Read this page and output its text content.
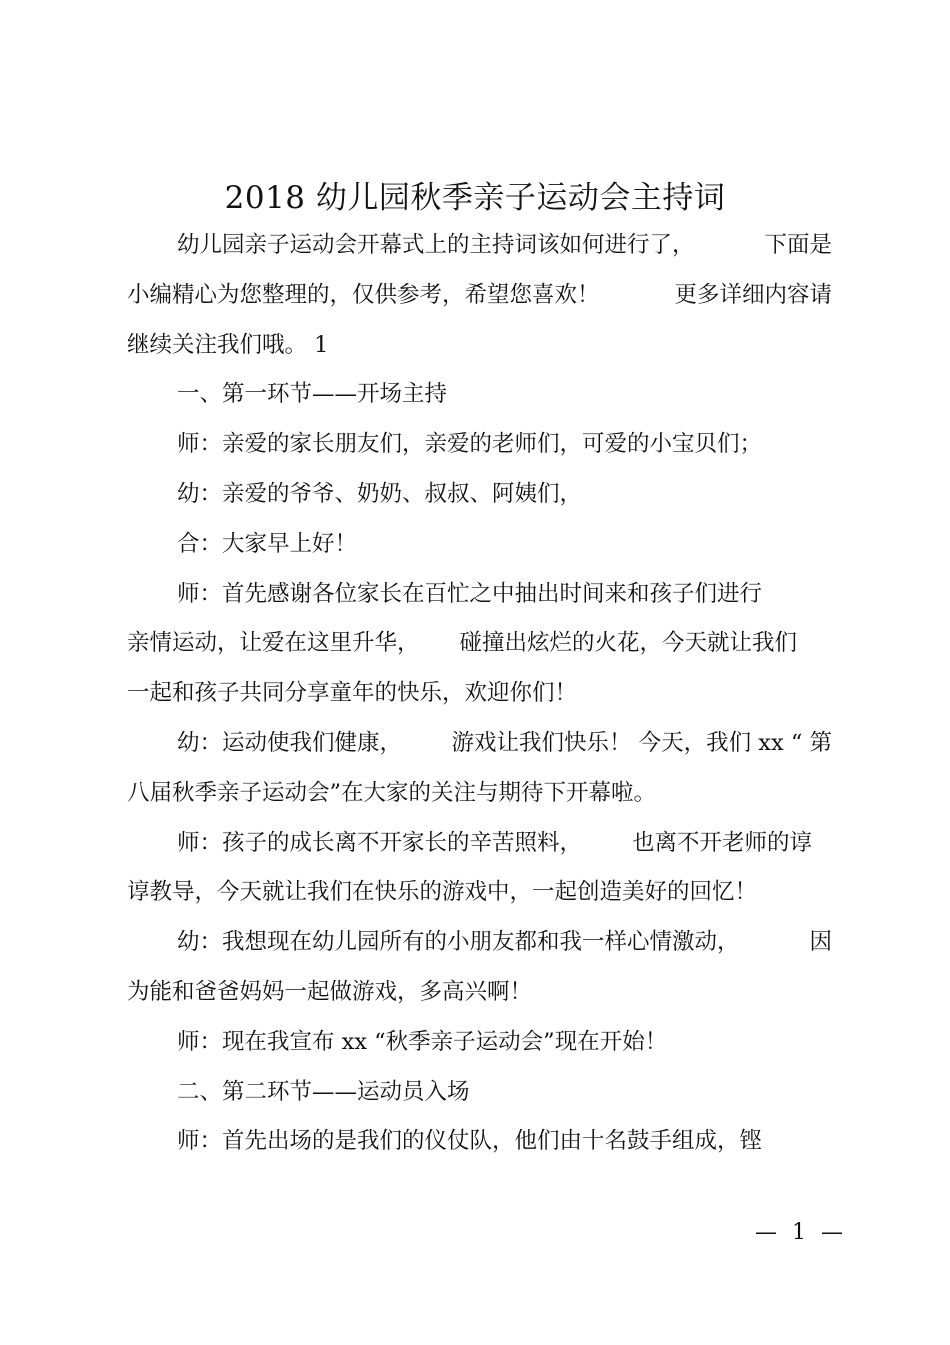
2018 幼儿园秋季亲子运动会主持词
幼儿园亲子运动会开幕式上的主持词该如何进行了，	下面是
小编精心为您整理的，仅供参考，希望您喜欢！	更多详细内容请
继续关注我们哦。 1
一、第一环节——开场主持
师：亲爱的家长朋友们，亲爱的老师们，可爱的小宝贝们；
幼：亲爱的爷爷、奶奶、叔叔、阿姨们，
合：大家早上好！
师：首先感谢各位家长在百忙之中抽出时间来和孩子们进行
亲情运动，让爱在这里升华， 碰撞出炫烂的火花，今天就让我们
一起和孩子共同分享童年的快乐，欢迎你们！
幼：运动使我们健康， 游戏让我们快乐！ 今天，我们 xx “ 第
八届秋季亲子运动会”在大家的关注与期待下开幕啦。
师：孩子的成长离不开家长的辛苦照料， 也离不开老师的谆
谆教导，今天就让我们在快乐的游戏中，一起创造美好的回忆！
幼：我想现在幼儿园所有的小朋友都和我一样心情激动，	因
为能和爸爸妈妈一起做游戏，多高兴啊！
师：现在我宣布 xx “秋季亲子运动会”现在开始！
二、第二环节——运动员入场
师：首先出场的是我们的仪仗队，他们由十名鼓手组成，铿
— 1 —
